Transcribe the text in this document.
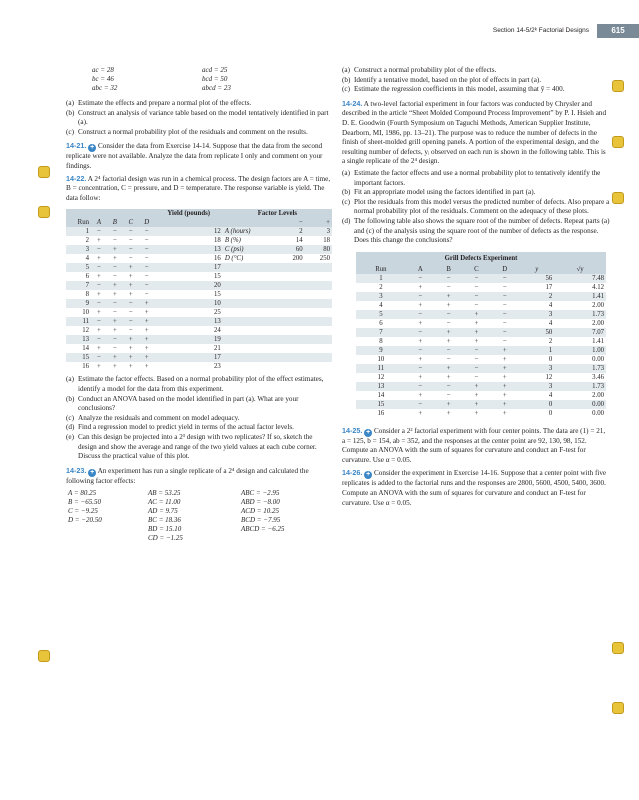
Section 14-5/2ᵏ Factorial Designs	615
ac = 28	acd = 25
bc = 46	bcd = 50
abc = 32	abcd = 23
(a) Estimate the effects and prepare a normal plot of the effects.
(b) Construct an analysis of variance table based on the model tentatively identified in part (a).
(c) Construct a normal probability plot of the residuals and comment on the results.

14-21. + Consider the data from Exercise 14-14. Suppose that the data from the second replicate were not available. Analyze the data from replicate I only and comment on your findings.

14-22. A 2⁴ factorial design was run in a chemical process. The design factors are A = time, B = concentration, C = pressure, and D = temperature. The response variable is yield. The data follow:

					Yield (pounds)	Factor Levels		
Run	A	B	C	D			−	+
1	−	−	−	−	12	A (hours)	2	3
2	+	−	−	−	18	B (%)	14	18
3	−	+	−	−	13	C (psi)	60	80
4	+	+	−	−	16	D (°C)	200	250
5	−	−	+	−	17			
6	+	−	+	−	15			
7	−	+	+	−	20			
8	+	+	+	−	15			
9	−	−	−	+	10			
10	+	−	−	+	25			
11	−	+	−	+	13			
12	+	+	−	+	24			
13	−	−	+	+	19			
14	+	−	+	+	21			
15	−	+	+	+	17			
16	+	+	+	+	23			
(a) Estimate the factor effects. Based on a normal probability plot of the effect estimates, identify a model for the data from this experiment.
(b) Conduct an ANOVA based on the model identified in part (a). What are your conclusions?
(c) Analyze the residuals and comment on model adequacy.
(d) Find a regression model to predict yield in terms of the actual factor levels.
(e) Can this design be projected into a 2³ design with two replicates? If so, sketch the design and show the average and range of the two yield values at each cube corner. Discuss the practical value of this plot.

14-23. + An experiment has run a single replicate of a 2⁴ design and calculated the following factor effects:

A = 80.25	AB = 53.25	ABC = −2.95
B = −65.50	AC = 11.00	ABD = −8.00
C = −9.25	AD = 9.75	ACD = 10.25
D = −20.50	BC = 18.36	BCD = −7.95
	BD = 15.10	ABCD = −6.25
	CD = −1.25	
(a) Construct a normal probability plot of the effects.
(b) Identify a tentative model, based on the plot of effects in part (a).
(c) Estimate the regression coefficients in this model, assuming that ȳ = 400.

14-24. A two-level factorial experiment in four factors was conducted by Chrysler and described in the article “Sheet Molded Compound Process Improvement” by P. I. Hsieh and D. E. Goodwin (Fourth Symposium on Taguchi Methods, American Supplier Institute, Dearborn, MI, 1986, pp. 13–21). The purpose was to reduce the number of defects in the finish of sheet-molded grill opening panels. A portion of the experimental design, and the resulting number of defects, yᵢ observed on each run is shown in the following table. This is a single replicate of the 2⁴ design.

(a) Estimate the factor effects and use a normal probability plot to tentatively identify the important factors.
(b) Fit an appropriate model using the factors identified in part (a).
(c) Plot the residuals from this model versus the predicted number of defects. Also prepare a normal probability plot of the residuals. Comment on the adequacy of these plots.
(d) The following table also shows the square root of the number of defects. Repeat parts (a) and (c) of the analysis using the square root of the number of defects as the response. Does this change the conclusions?
Grill Defects Experiment						
Run	A	B	C	D	y	√y
1	−	−	−	−	56	7.48
2	+	−	−	−	17	4.12
3	−	+	−	−	2	1.41
4	+	+	−	−	4	2.00
5	−	−	+	−	3	1.73
6	+	−	+	−	4	2.00
7	−	+	+	−	50	7.07
8	+	+	+	−	2	1.41
9	−	−	−	+	1	1.00
10	+	−	−	+	0	0.00
11	−	+	−	+	3	1.73
12	+	+	−	+	12	3.46
13	−	−	+	+	3	1.73
14	+	−	+	+	4	2.00
15	−	+	+	+	0	0.00
16	+	+	+	+	0	0.00

14-25. + Consider a 2² factorial experiment with four center points. The data are (1) = 21, a = 125, b = 154, ab = 352, and the responses at the center point are 92, 130, 98, 152. Compute an ANOVA with the sum of squares for curvature and conduct an F-test for curvature. Use α = 0.05.

14-26. + Consider the experiment in Exercise 14-16. Suppose that a center point with five replicates is added to the factorial runs and the responses are 2800, 5600, 4500, 5400, 3600. Compute an ANOVA with the sum of squares for curvature and conduct an F-test for curvature. Use α = 0.05.
